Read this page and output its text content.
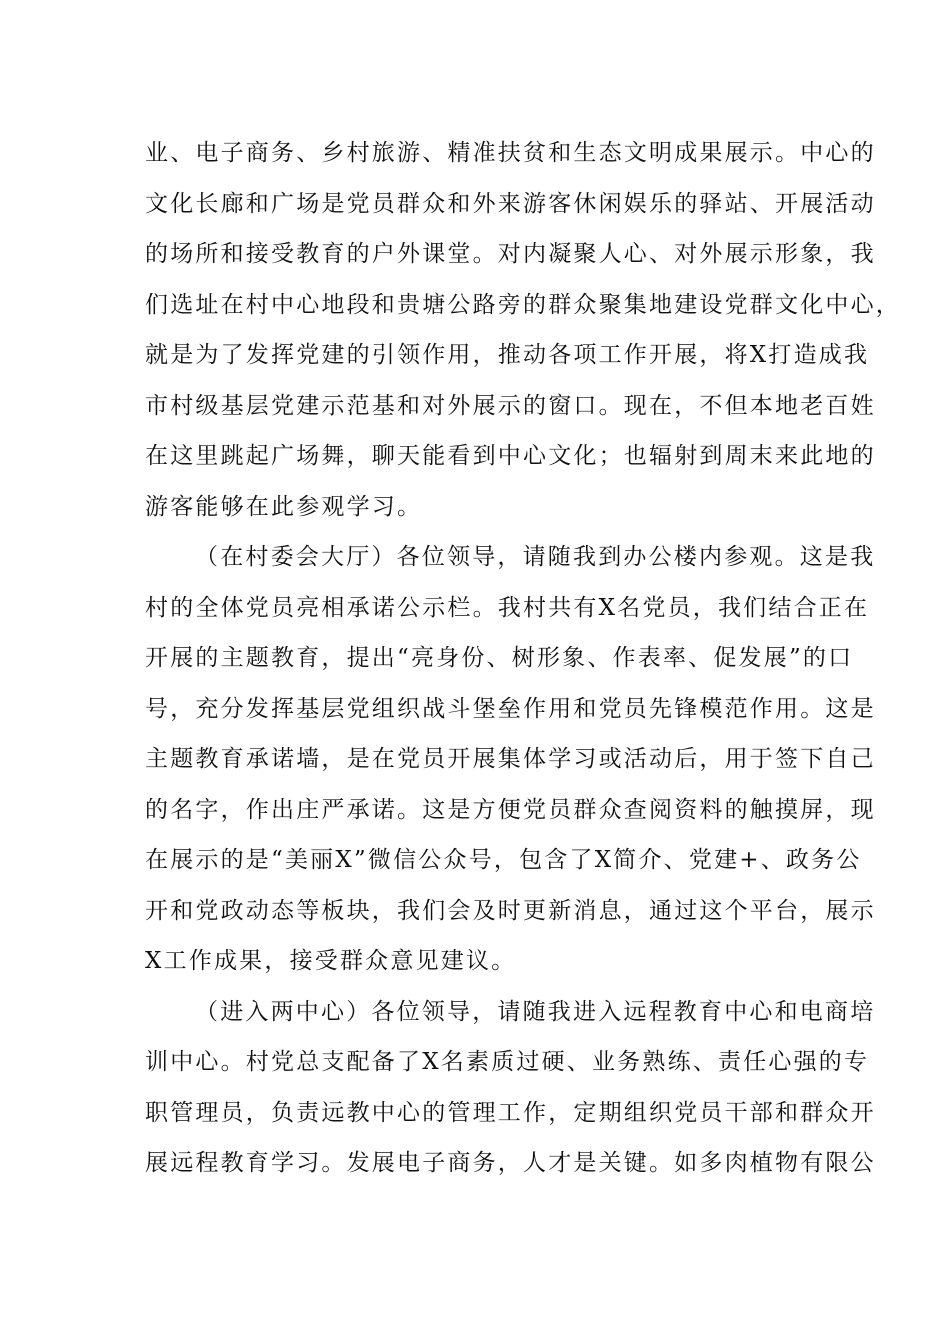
业、电子商务、乡村旅游、精准扶贫和生态文明成果展示。中心的
文化长廊和广场是党员群众和外来游客休闲娱乐的驿站、开展活动
的场所和接受教育的户外课堂。对内凝聚人心、对外展示形象，我
们选址在村中心地段和贵塘公路旁的群众聚集地建设党群文化中心，
就是为了发挥党建的引领作用，推动各项工作开展，将X打造成我
市村级基层党建示范基和对外展示的窗口。现在，不但本地老百姓
在这里跳起广场舞，聊天能看到中心文化；也辐射到周末来此地的
游客能够在此参观学习。
（在村委会大厅）各位领导，请随我到办公楼内参观。这是我
村的全体党员亮相承诺公示栏。我村共有X名党员，我们结合正在
开展的主题教育，提出“亮身份、树形象、作表率、促发展”的口
号，充分发挥基层党组织战斗堡垒作用和党员先锋模范作用。这是
主题教育承诺墙，是在党员开展集体学习或活动后，用于签下自己
的名字，作出庄严承诺。这是方便党员群众查阅资料的触摸屏，现
在展示的是“美丽X”微信公众号，包含了X简介、党建+、政务公
开和党政动态等板块，我们会及时更新消息，通过这个平台，展示
X工作成果，接受群众意见建议。
（进入两中心）各位领导，请随我进入远程教育中心和电商培
训中心。村党总支配备了X名素质过硬、业务熟练、责任心强的专
职管理员，负责远教中心的管理工作，定期组织党员干部和群众开
展远程教育学习。发展电子商务，人才是关键。如多肉植物有限公
